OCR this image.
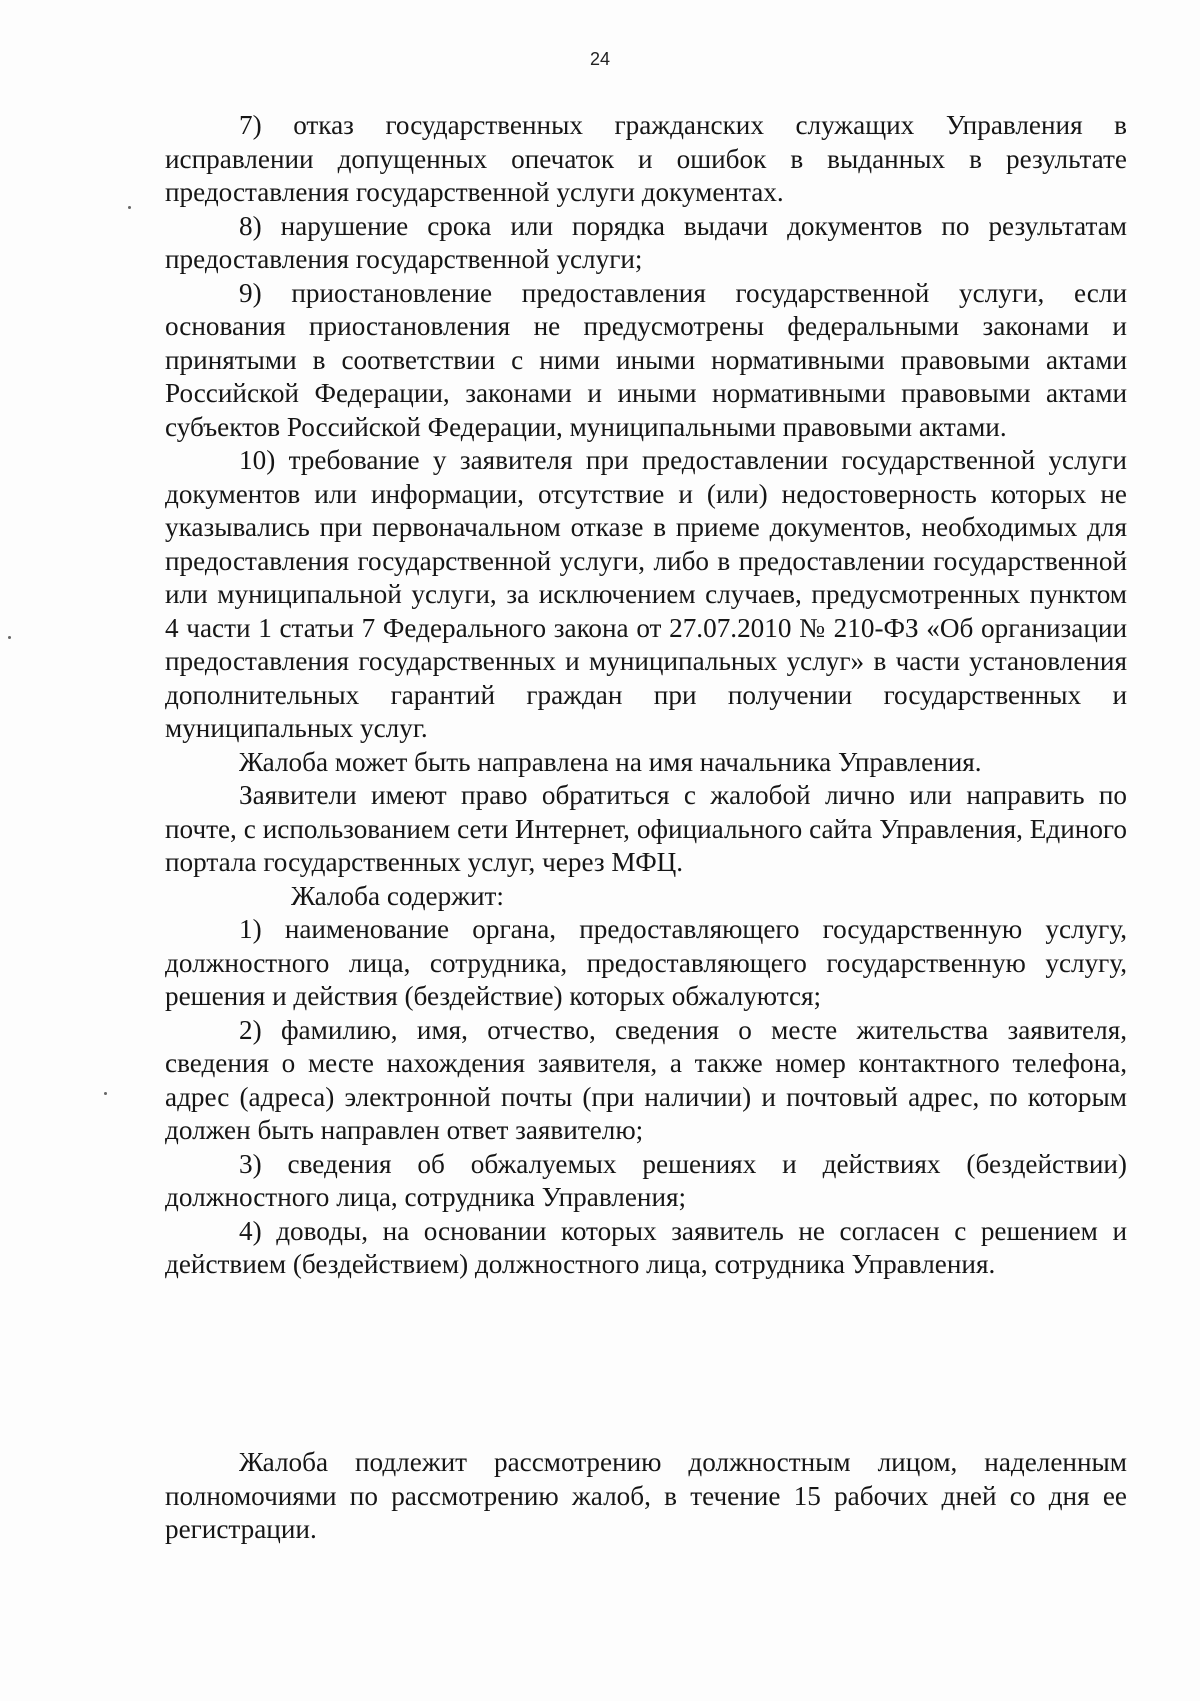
24

7) отказ государственных гражданских служащих Управления в исправлении допущенных опечаток и ошибок в выданных в результате предоставления государственной услуги документах.

8) нарушение срока или порядка выдачи документов по результатам предоставления государственной услуги;

9) приостановление предоставления государственной услуги, если основания приостановления не предусмотрены федеральными законами и принятыми в соответствии с ними иными нормативными правовыми актами Российской Федерации, законами и иными нормативными правовыми актами субъектов Российской Федерации, муниципальными правовыми актами.

10) требование у заявителя при предоставлении государственной услуги документов или информации, отсутствие и (или) недостоверность которых не указывались при первоначальном отказе в приеме документов, необходимых для предоставления государственной услуги, либо в предоставлении государственной или муниципальной услуги, за исключением случаев, предусмотренных пунктом 4 части 1 статьи 7 Федерального закона от 27.07.2010 № 210-ФЗ «Об организации предоставления государственных и муниципальных услуг» в части установления дополнительных гарантий граждан при получении государственных и муниципальных услуг.

Жалоба может быть направлена на имя начальника Управления.

Заявители имеют право обратиться с жалобой лично или направить по почте, с использованием сети Интернет, официального сайта Управления, Единого портала государственных услуг, через МФЦ.

Жалоба содержит:

1) наименование органа, предоставляющего государственную услугу, должностного лица, сотрудника, предоставляющего государственную услугу, решения и действия (бездействие) которых обжалуются;

2) фамилию, имя, отчество, сведения о месте жительства заявителя, сведения о месте нахождения заявителя, а также номер контактного телефона, адрес (адреса) электронной почты (при наличии) и почтовый адрес, по которым должен быть направлен ответ заявителю;

3) сведения об обжалуемых решениях и действиях (бездействии) должностного лица, сотрудника Управления;

4) доводы, на основании которых заявитель не согласен с решением и действием (бездействием) должностного лица, сотрудника Управления.

Жалоба подлежит рассмотрению должностным лицом, наделенным полномочиями по рассмотрению жалоб, в течение 15 рабочих дней со дня ее регистрации.
